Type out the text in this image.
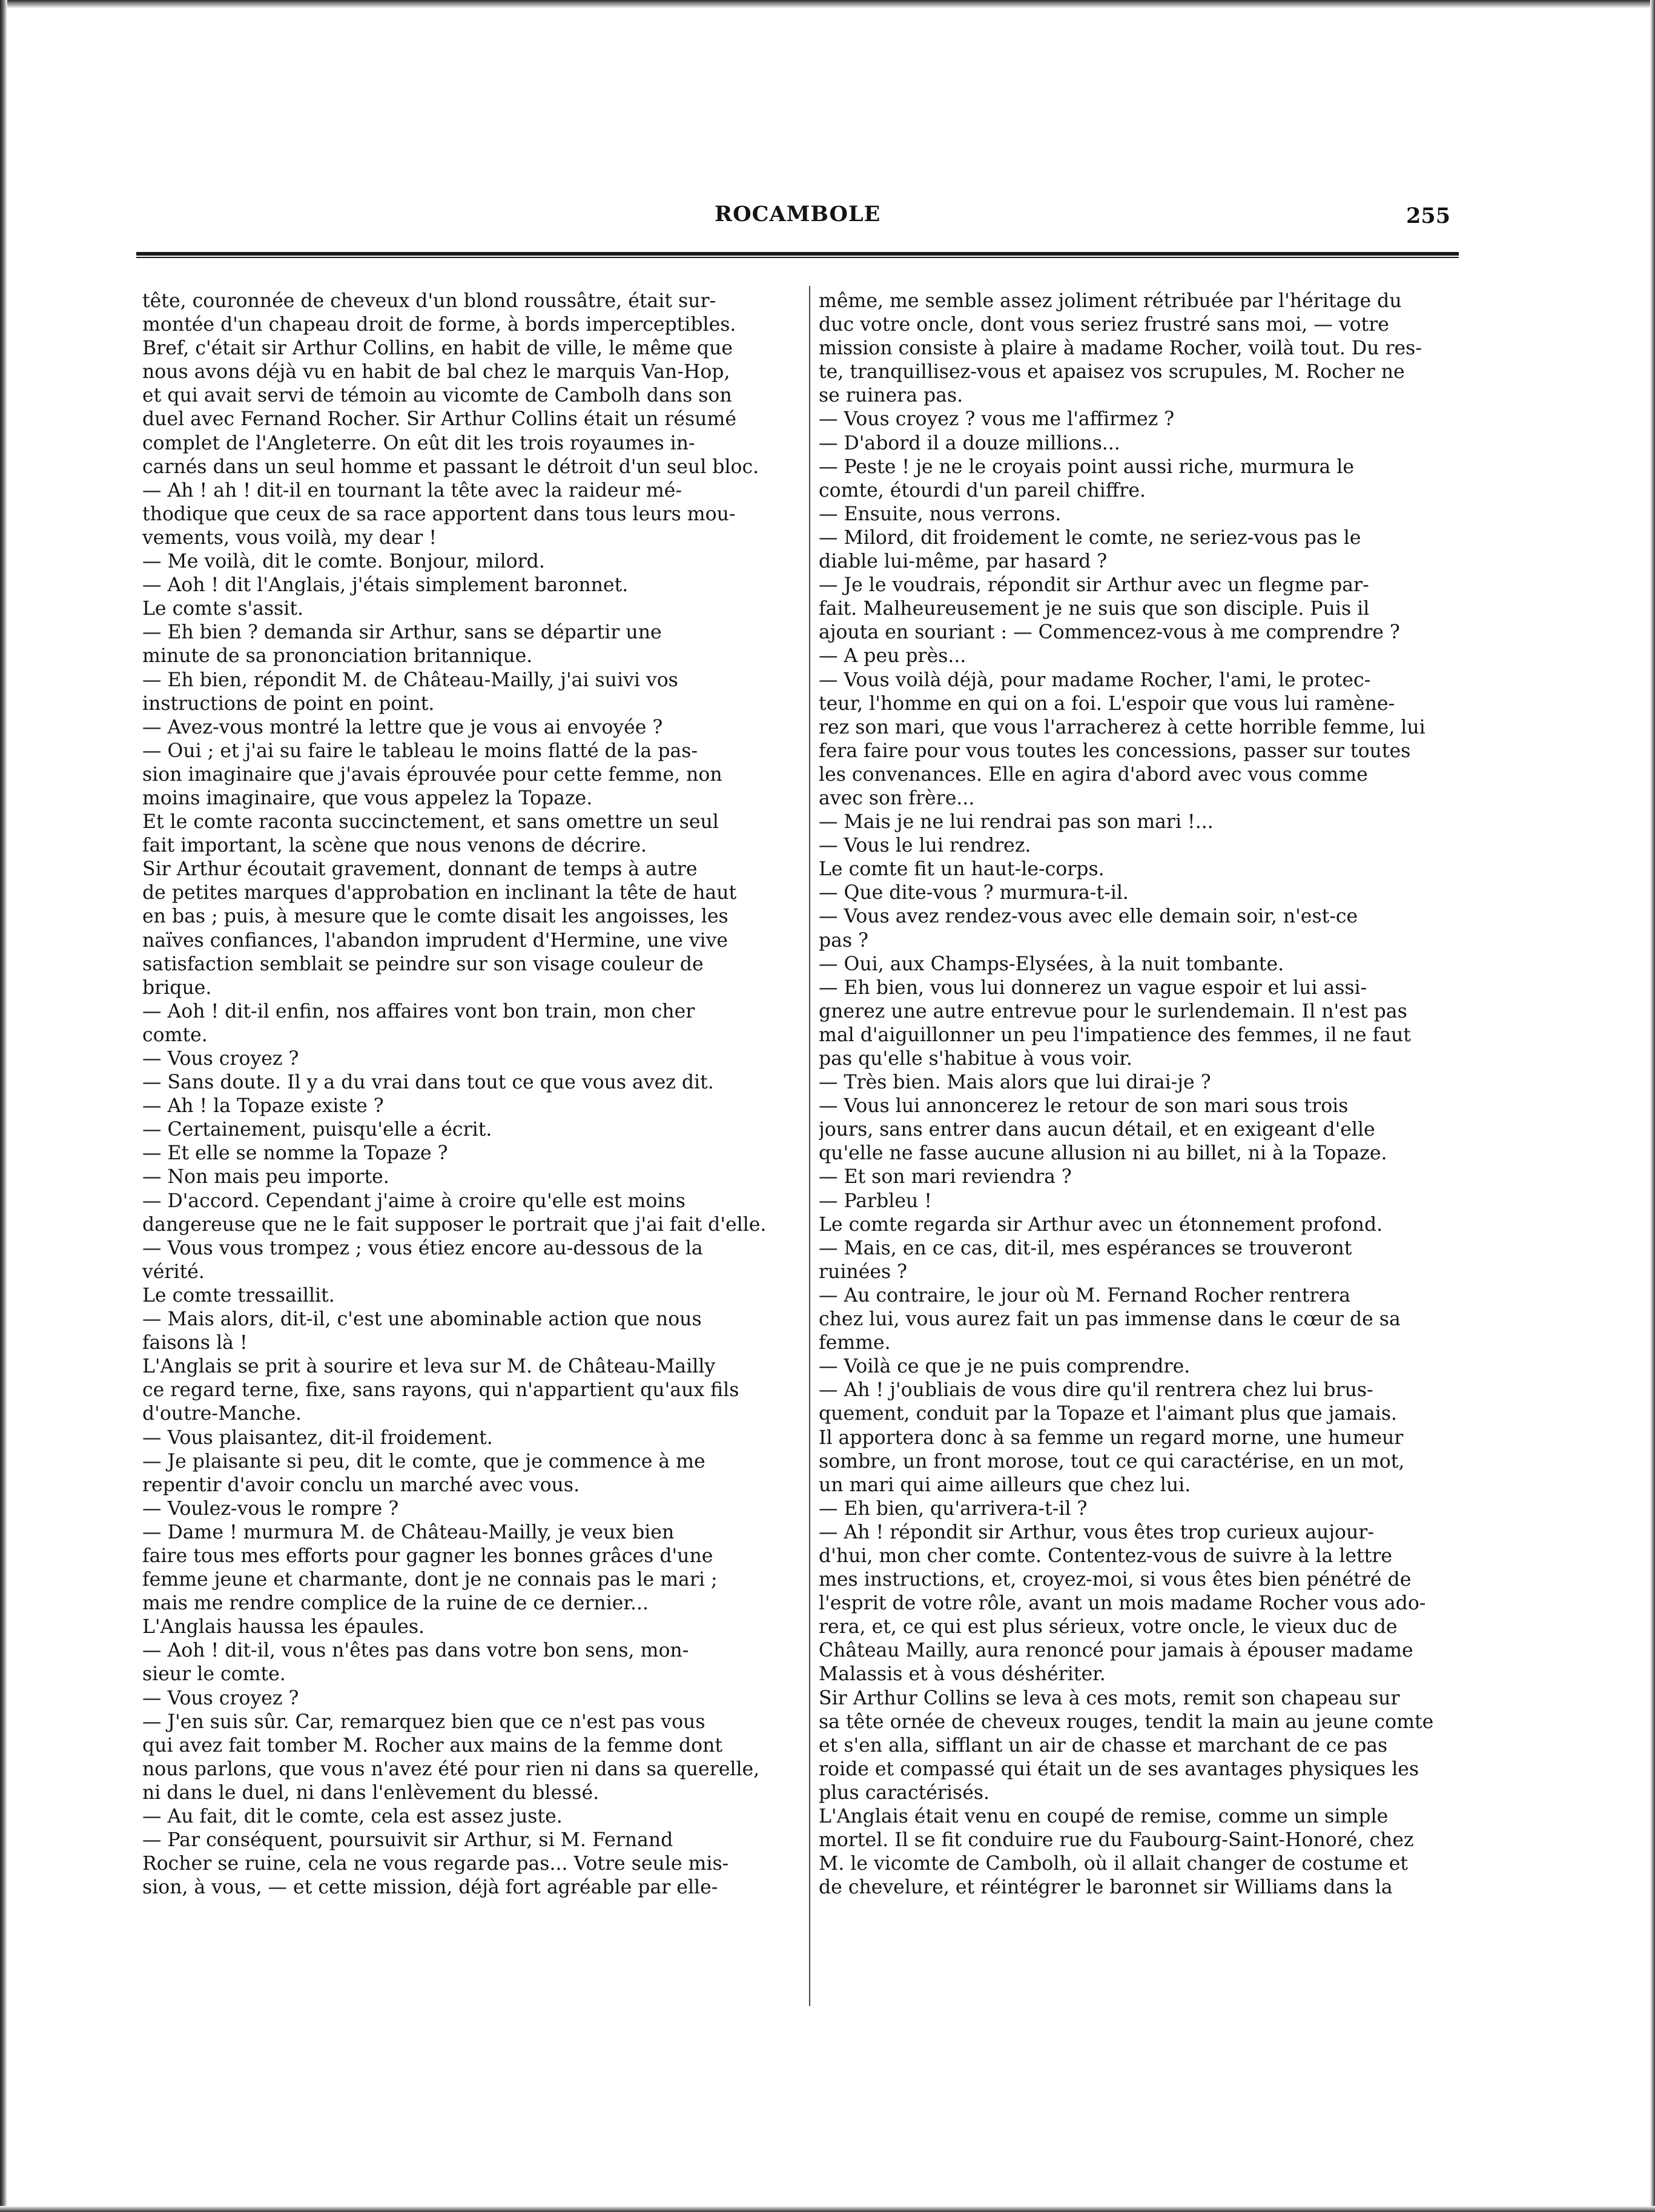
ROCAMBOLE	255
tête, couronnée de cheveux d'un blond roussâtre, était sur-
montée d'un chapeau droit de forme, à bords imperceptibles.
Bref, c'était sir Arthur Collins, en habit de ville, le même que
nous avons déjà vu en habit de bal chez le marquis Van-Hop,
et qui avait servi de témoin au vicomte de Cambolh dans son
duel avec Fernand Rocher. Sir Arthur Collins était un résumé
complet de l'Angleterre. On eût dit les trois royaumes in-
carnés dans un seul homme et passant le détroit d'un seul bloc.
— Ah ! ah ! dit-il en tournant la tête avec la raideur mé-
thodique que ceux de sa race apportent dans tous leurs mou-
vements, vous voilà, my dear !
— Me voilà, dit le comte. Bonjour, milord.
— Aoh ! dit l'Anglais, j'étais simplement baronnet.
Le comte s'assit.
— Eh bien ? demanda sir Arthur, sans se départir une
minute de sa prononciation britannique.
— Eh bien, répondit M. de Château-Mailly, j'ai suivi vos
instructions de point en point.
— Avez-vous montré la lettre que je vous ai envoyée ?
— Oui ; et j'ai su faire le tableau le moins flatté de la pas-
sion imaginaire que j'avais éprouvée pour cette femme, non
moins imaginaire, que vous appelez la Topaze.
Et le comte raconta succinctement, et sans omettre un seul
fait important, la scène que nous venons de décrire.
Sir Arthur écoutait gravement, donnant de temps à autre
de petites marques d'approbation en inclinant la tête de haut
en bas ; puis, à mesure que le comte disait les angoisses, les
naïves confiances, l'abandon imprudent d'Hermine, une vive
satisfaction semblait se peindre sur son visage couleur de
brique.
— Aoh ! dit-il enfin, nos affaires vont bon train, mon cher
comte.
— Vous croyez ?
— Sans doute. Il y a du vrai dans tout ce que vous avez dit.
— Ah ! la Topaze existe ?
— Certainement, puisqu'elle a écrit.
— Et elle se nomme la Topaze ?
— Non mais peu importe.
— D'accord. Cependant j'aime à croire qu'elle est moins
dangereuse que ne le fait supposer le portrait que j'ai fait d'elle.
— Vous vous trompez ; vous étiez encore au-dessous de la
vérité.
Le comte tressaillit.
— Mais alors, dit-il, c'est une abominable action que nous
faisons là !
L'Anglais se prit à sourire et leva sur M. de Château-Mailly
ce regard terne, fixe, sans rayons, qui n'appartient qu'aux fils
d'outre-Manche.
— Vous plaisantez, dit-il froidement.
— Je plaisante si peu, dit le comte, que je commence à me
repentir d'avoir conclu un marché avec vous.
— Voulez-vous le rompre ?
— Dame ! murmura M. de Château-Mailly, je veux bien
faire tous mes efforts pour gagner les bonnes grâces d'une
femme jeune et charmante, dont je ne connais pas le mari ;
mais me rendre complice de la ruine de ce dernier...
L'Anglais haussa les épaules.
— Aoh ! dit-il, vous n'êtes pas dans votre bon sens, mon-
sieur le comte.
— Vous croyez ?
— J'en suis sûr. Car, remarquez bien que ce n'est pas vous
qui avez fait tomber M. Rocher aux mains de la femme dont
nous parlons, que vous n'avez été pour rien ni dans sa querelle,
ni dans le duel, ni dans l'enlèvement du blessé.
— Au fait, dit le comte, cela est assez juste.
— Par conséquent, poursuivit sir Arthur, si M. Fernand
Rocher se ruine, cela ne vous regarde pas... Votre seule mis-
sion, à vous, — et cette mission, déjà fort agréable par elle-
même, me semble assez joliment rétribuée par l'héritage du
duc votre oncle, dont vous seriez frustré sans moi, — votre
mission consiste à plaire à madame Rocher, voilà tout. Du res-
te, tranquillisez-vous et apaisez vos scrupules, M. Rocher ne
se ruinera pas.
— Vous croyez ? vous me l'affirmez ?
— D'abord il a douze millions...
— Peste ! je ne le croyais point aussi riche, murmura le
comte, étourdi d'un pareil chiffre.
— Ensuite, nous verrons.
— Milord, dit froidement le comte, ne seriez-vous pas le
diable lui-même, par hasard ?
— Je le voudrais, répondit sir Arthur avec un flegme par-
fait. Malheureusement je ne suis que son disciple. Puis il
ajouta en souriant : — Commencez-vous à me comprendre ?
— A peu près...
— Vous voilà déjà, pour madame Rocher, l'ami, le protec-
teur, l'homme en qui on a foi. L'espoir que vous lui ramène-
rez son mari, que vous l'arracherez à cette horrible femme, lui
fera faire pour vous toutes les concessions, passer sur toutes
les convenances. Elle en agira d'abord avec vous comme
avec son frère...
— Mais je ne lui rendrai pas son mari !...
— Vous le lui rendrez.
Le comte fit un haut-le-corps.
— Que dite-vous ? murmura-t-il.
— Vous avez rendez-vous avec elle demain soir, n'est-ce
pas ?
— Oui, aux Champs-Elysées, à la nuit tombante.
— Eh bien, vous lui donnerez un vague espoir et lui assi-
gnerez une autre entrevue pour le surlendemain. Il n'est pas
mal d'aiguillonner un peu l'impatience des femmes, il ne faut
pas qu'elle s'habitue à vous voir.
— Très bien. Mais alors que lui dirai-je ?
— Vous lui annoncerez le retour de son mari sous trois
jours, sans entrer dans aucun détail, et en exigeant d'elle
qu'elle ne fasse aucune allusion ni au billet, ni à la Topaze.
— Et son mari reviendra ?
— Parbleu !
Le comte regarda sir Arthur avec un étonnement profond.
— Mais, en ce cas, dit-il, mes espérances se trouveront
ruinées ?
— Au contraire, le jour où M. Fernand Rocher rentrera
chez lui, vous aurez fait un pas immense dans le cœur de sa
femme.
— Voilà ce que je ne puis comprendre.
— Ah ! j'oubliais de vous dire qu'il rentrera chez lui brus-
quement, conduit par la Topaze et l'aimant plus que jamais.
Il apportera donc à sa femme un regard morne, une humeur
sombre, un front morose, tout ce qui caractérise, en un mot,
un mari qui aime ailleurs que chez lui.
— Eh bien, qu'arrivera-t-il ?
— Ah ! répondit sir Arthur, vous êtes trop curieux aujour-
d'hui, mon cher comte. Contentez-vous de suivre à la lettre
mes instructions, et, croyez-moi, si vous êtes bien pénétré de
l'esprit de votre rôle, avant un mois madame Rocher vous ado-
rera, et, ce qui est plus sérieux, votre oncle, le vieux duc de
Château Mailly, aura renoncé pour jamais à épouser madame
Malassis et à vous déshériter.
Sir Arthur Collins se leva à ces mots, remit son chapeau sur
sa tête ornée de cheveux rouges, tendit la main au jeune comte
et s'en alla, sifflant un air de chasse et marchant de ce pas
roide et compassé qui était un de ses avantages physiques les
plus caractérisés.
L'Anglais était venu en coupé de remise, comme un simple
mortel. Il se fit conduire rue du Faubourg-Saint-Honoré, chez
M. le vicomte de Cambolh, où il allait changer de costume et
de chevelure, et réintégrer le baronnet sir Williams dans la
